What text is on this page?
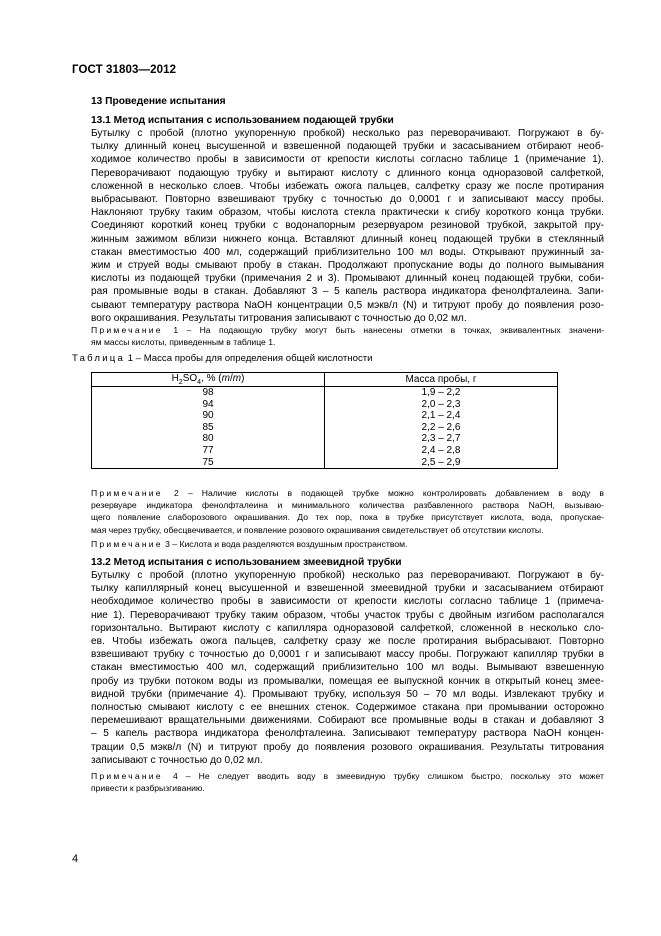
ГОСТ 31803—2012
13 Проведение испытания
13.1 Метод испытания с использованием подающей трубки
Бутылку с пробой (плотно укупоренную пробкой) несколько раз переворачивают. Погружают в бу-
тылку длинный конец высушенной и взвешенной подающей трубки и засасыванием отбирают необ-
ходимое количество пробы в зависимости от крепости кислоты согласно таблице 1 (примечание 1).
Переворачивают подающую трубку и вытирают кислоту с длинного конца одноразовой салфеткой,
сложенной в несколько слоев. Чтобы избежать ожога пальцев, салфетку сразу же после протирания
выбрасывают. Повторно взвешивают трубку с точностью до 0,0001 г и записывают массу пробы.
Наклоняют трубку таким образом, чтобы кислота стекла практически к сгибу короткого конца трубки.
Соединяют короткий конец трубки с водонапорным резервуаром резиновой трубкой, закрытой пру-
жинным зажимом вблизи нижнего конца. Вставляют длинный конец подающей трубки в стеклянный
стакан вместимостью 400 мл, содержащий приблизительно 100 мл воды. Открывают пружинный за-
жим и струей воды смывают пробу в стакан. Продолжают пропускание воды до полного вымывания
кислоты из подающей трубки (примечания 2 и 3). Промывают длинный конец подающей трубки, соби-
рая промывные воды в стакан. Добавляют 3 – 5 капель раствора индикатора фенолфталеина. Запи-
сывают температуру раствора NaOH концентрации 0,5 мэкв/л (N) и титруют пробу до появления розо-
вого окрашивания. Результаты титрования записывают с точностью до 0,02 мл.
Примечание 1 – На подающую трубку могут быть нанесены отметки в точках, эквивалентных значени-
ям массы кислоты, приведенным в таблице 1.
Таблица 1 – Масса пробы для определения общей кислотности
$H_2SO_4$, % (m/m)	Масса пробы, г
98	1,9 – 2,2
94	2,0 – 2,3
90	2,1 – 2,4
85	2,2 – 2,6
80	2,3 – 2,7
77	2,4 – 2,8
75	2,5 – 2,9
Примечание 2 – Наличие кислоты в подающей трубке можно контролировать добавлением в воду в
резервуаре индикатора фенолфталеина и минимального количества разбавленного раствора NaOH, вызываю-
щего появление слаборозового окрашивания. До тех пор, пока в трубке присутствует кислота, вода, пропускае-
мая через трубку, обесцвечивается, и появление розового окрашивания свидетельствует об отсутствии кислоты.
Примечание 3 – Кислота и вода разделяются воздушным пространством.
13.2 Метод испытания с использованием змеевидной трубки
Бутылку с пробой (плотно укупоренную пробкой) несколько раз переворачивают. Погружают в бу-
тылку капиллярный конец высушенной и взвешенной змеевидной трубки и засасыванием отбирают
необходимое количество пробы в зависимости от крепости кислоты согласно таблице 1 (примеча-
ние 1). Переворачивают трубку таким образом, чтобы участок трубы с двойным изгибом располагался
горизонтально. Вытирают кислоту с капилляра одноразовой салфеткой, сложенной в несколько сло-
ев. Чтобы избежать ожога пальцев, салфетку сразу же после протирания выбрасывают. Повторно
взвешивают трубку с точностью до 0,0001 г и записывают массу пробы. Погружают капилляр трубки в
стакан вместимостью 400 мл, содержащий приблизительно 100 мл воды. Вымывают взвешенную
пробу из трубки потоком воды из промывалки, помещая ее выпускной кончик в открытый конец змее-
видной трубки (примечание 4). Промывают трубку, используя 50 – 70 мл воды. Извлекают трубку и
полностью смывают кислоту с ее внешних стенок. Содержимое стакана при промывании осторожно
перемешивают вращательными движениями. Собирают все промывные воды в стакан и добавляют 3
– 5 капель раствора индикатора фенолфталеина. Записывают температуру раствора NaOH концен-
трации 0,5 мэкв/л (N) и титруют пробу до появления розового окрашивания. Результаты титрования
записывают с точностью до 0,02 мл.
Примечание 4 – Не следует вводить воду в змеевидную трубку слишком быстро, поскольку это может
привести к разбрызгиванию.
4
